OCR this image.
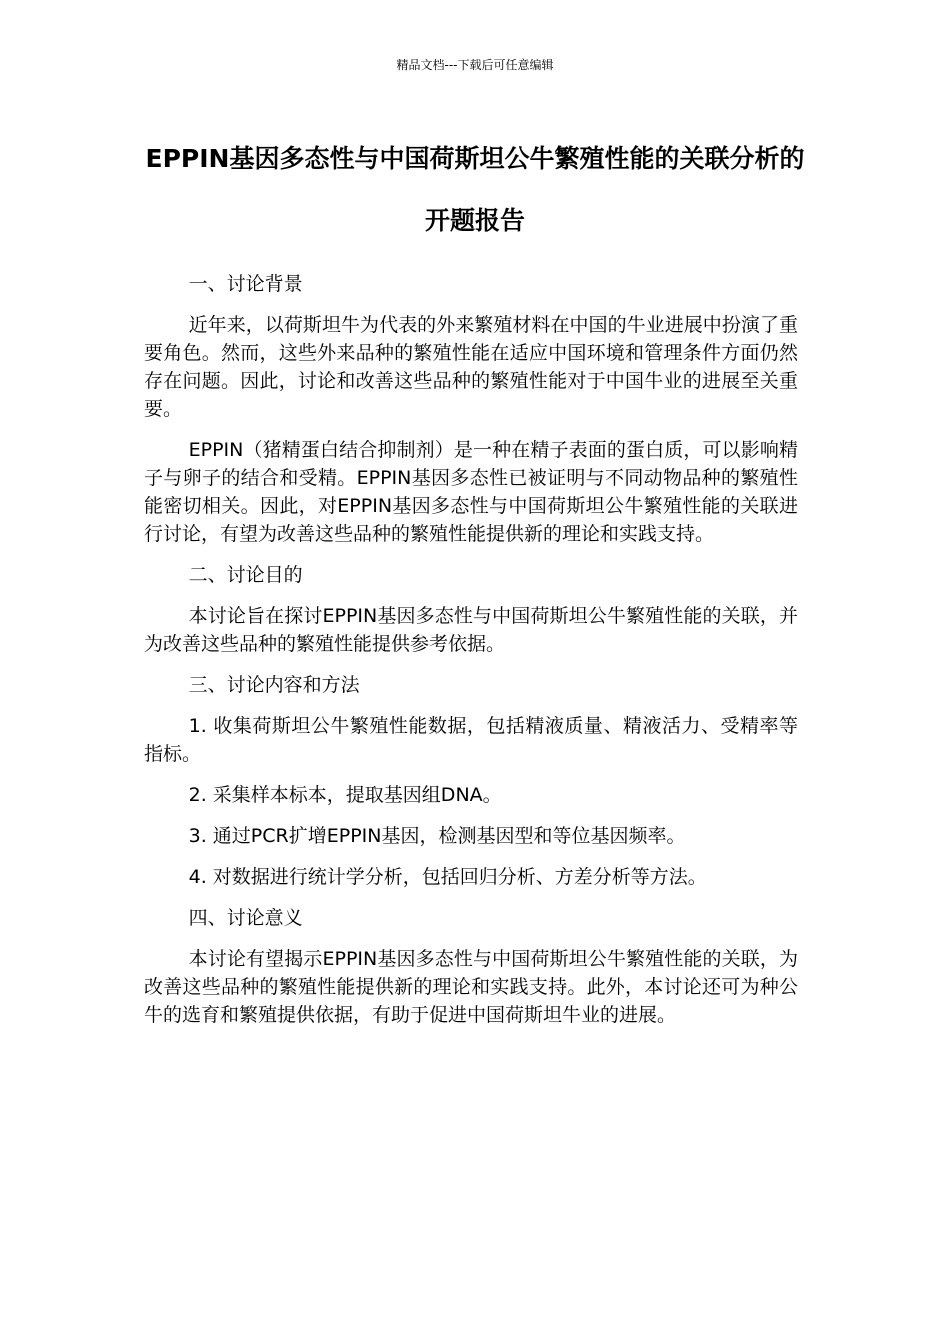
精品文档---下载后可任意编辑
EPPIN基因多态性与中国荷斯坦公牛繁殖性能的关联分析的开题报告

一、讨论背景

近年来，以荷斯坦牛为代表的外来繁殖材料在中国的牛业进展中扮演了重要角色。然而，这些外来品种的繁殖性能在适应中国环境和管理条件方面仍然存在问题。因此，讨论和改善这些品种的繁殖性能对于中国牛业的进展至关重要。

EPPIN（猪精蛋白结合抑制剂）是一种在精子表面的蛋白质，可以影响精子与卵子的结合和受精。EPPIN基因多态性已被证明与不同动物品种的繁殖性能密切相关。因此，对EPPIN基因多态性与中国荷斯坦公牛繁殖性能的关联进行讨论，有望为改善这些品种的繁殖性能提供新的理论和实践支持。

二、讨论目的

本讨论旨在探讨EPPIN基因多态性与中国荷斯坦公牛繁殖性能的关联，并为改善这些品种的繁殖性能提供参考依据。

三、讨论内容和方法

1. 收集荷斯坦公牛繁殖性能数据，包括精液质量、精液活力、受精率等指标。

2. 采集样本标本，提取基因组DNA。

3. 通过PCR扩增EPPIN基因，检测基因型和等位基因频率。

4. 对数据进行统计学分析，包括回归分析、方差分析等方法。

四、讨论意义

本讨论有望揭示EPPIN基因多态性与中国荷斯坦公牛繁殖性能的关联，为改善这些品种的繁殖性能提供新的理论和实践支持。此外，本讨论还可为种公牛的选育和繁殖提供依据，有助于促进中国荷斯坦牛业的进展。
